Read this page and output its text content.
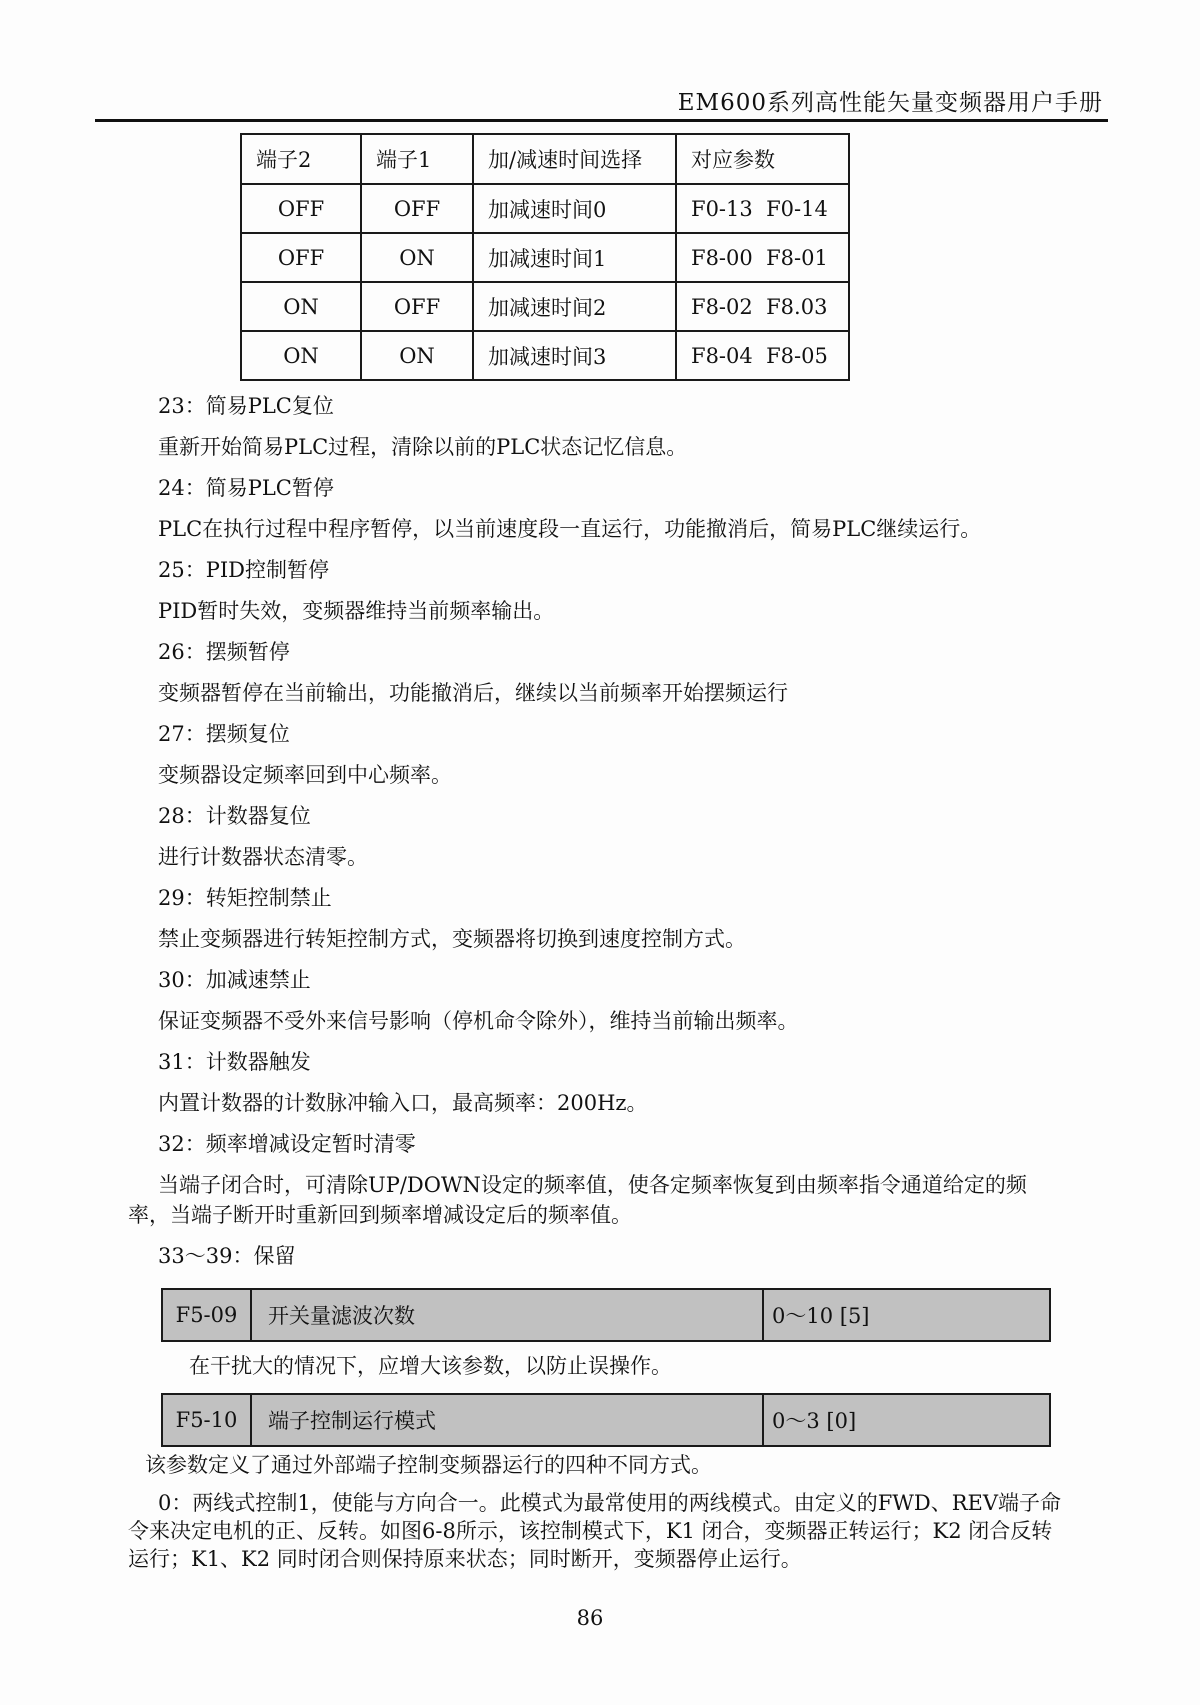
EM600系列高性能矢量变频器用户手册
端子2	端子1	加/减速时间选择	对应参数
OFF	OFF	加减速时间0	F0-13  F0-14
OFF	ON	加减速时间1	F8-00  F8-01
ON	OFF	加减速时间2	F8-02  F8.03
ON	ON	加减速时间3	F8-04  F8-05

23：简易PLC复位

重新开始简易PLC过程，清除以前的PLC状态记忆信息。

24：简易PLC暂停

PLC在执行过程中程序暂停，以当前速度段一直运行，功能撤消后，简易PLC继续运行。

25：PID控制暂停

PID暂时失效，变频器维持当前频率输出。

26：摆频暂停

变频器暂停在当前输出，功能撤消后，继续以当前频率开始摆频运行

27：摆频复位

变频器设定频率回到中心频率。

28：计数器复位

进行计数器状态清零。

29：转矩控制禁止

禁止变频器进行转矩控制方式，变频器将切换到速度控制方式。

30：加减速禁止

保证变频器不受外来信号影响（停机命令除外），维持当前输出频率。

31：计数器触发

内置计数器的计数脉冲输入口，最高频率：200Hz。

32：频率增减设定暂时清零

当端子闭合时，可清除UP/DOWN设定的频率值，使各定频率恢复到由频率指令通道给定的频
率，当端子断开时重新回到频率增减设定后的频率值。

33～39：保留

F5-09	开关量滤波次数	0～10 [5]
在干扰大的情况下，应增大该参数，以防止误操作。
F5-10	端子控制运行模式	0～3 [0]
该参数定义了通过外部端子控制变频器运行的四种不同方式。
0：两线式控制1，使能与方向合一。此模式为最常使用的两线模式。由定义的FWD、REV端子命
令来决定电机的正、反转。如图6-8所示，该控制模式下，K1 闭合，变频器正转运行；K2 闭合反转
运行；K1、K2 同时闭合则保持原来状态；同时断开，变频器停止运行。
86
